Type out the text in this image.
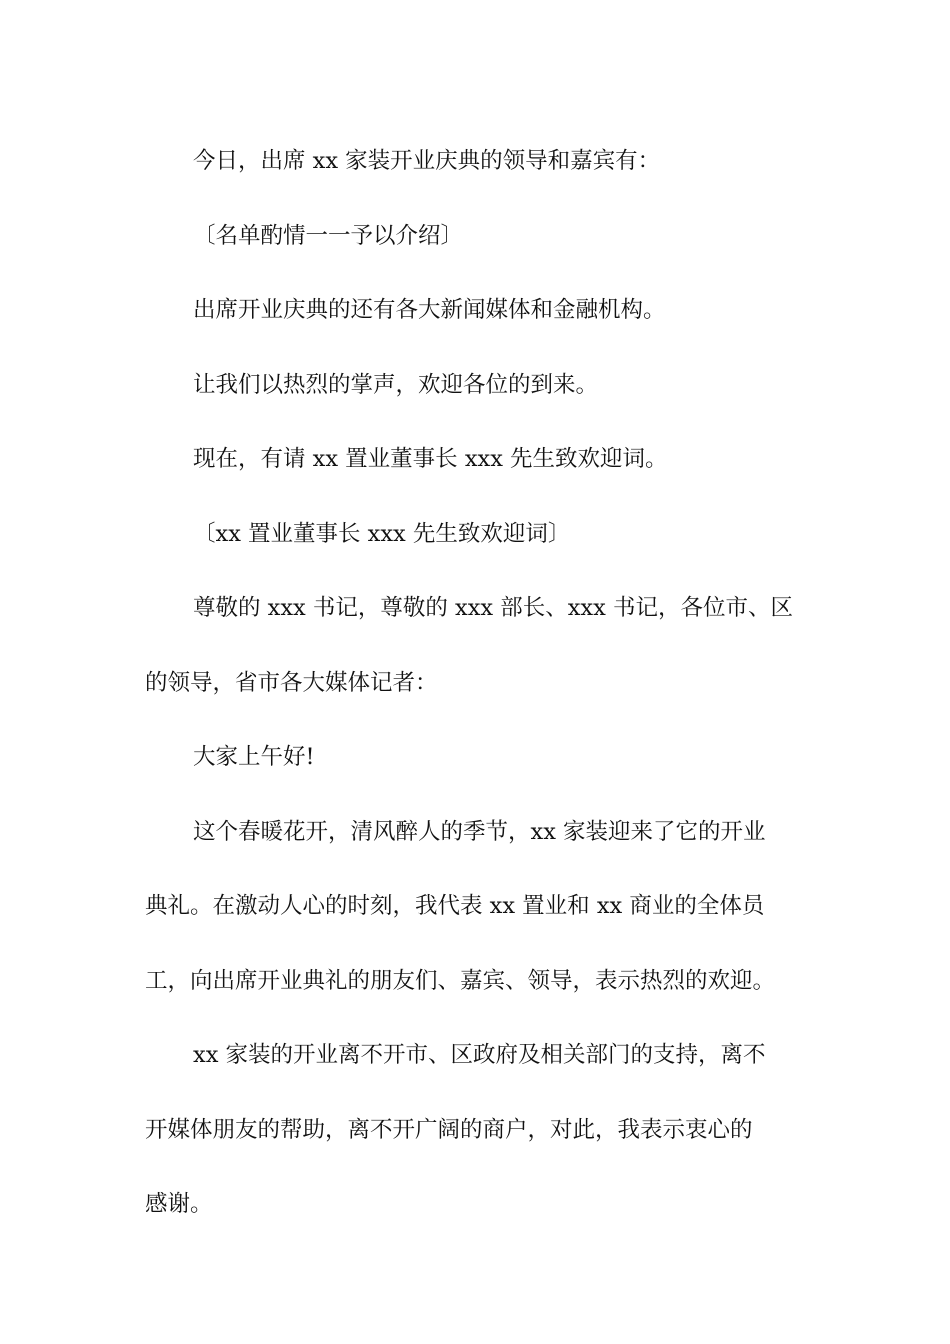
今日，出席 xx 家装开业庆典的领导和嘉宾有：

〔名单酌情一一予以介绍〕

出席开业庆典的还有各大新闻媒体和金融机构。

让我们以热烈的掌声，欢迎各位的到来。

现在，有请 xx 置业董事长 xxx 先生致欢迎词。

〔xx 置业董事长 xxx 先生致欢迎词〕

尊敬的 xxx 书记，尊敬的 xxx 部长、xxx 书记，各位市、区
的领导，省市各大媒体记者：

大家上午好!

这个春暖花开，清风醉人的季节，xx 家装迎来了它的开业
典礼。在激动人心的时刻，我代表 xx 置业和 xx 商业的全体员
工，向出席开业典礼的朋友们、嘉宾、领导，表示热烈的欢迎。

xx 家装的开业离不开市、区政府及相关部门的支持，离不
开媒体朋友的帮助，离不开广阔的商户，对此，我表示衷心的
感谢。
